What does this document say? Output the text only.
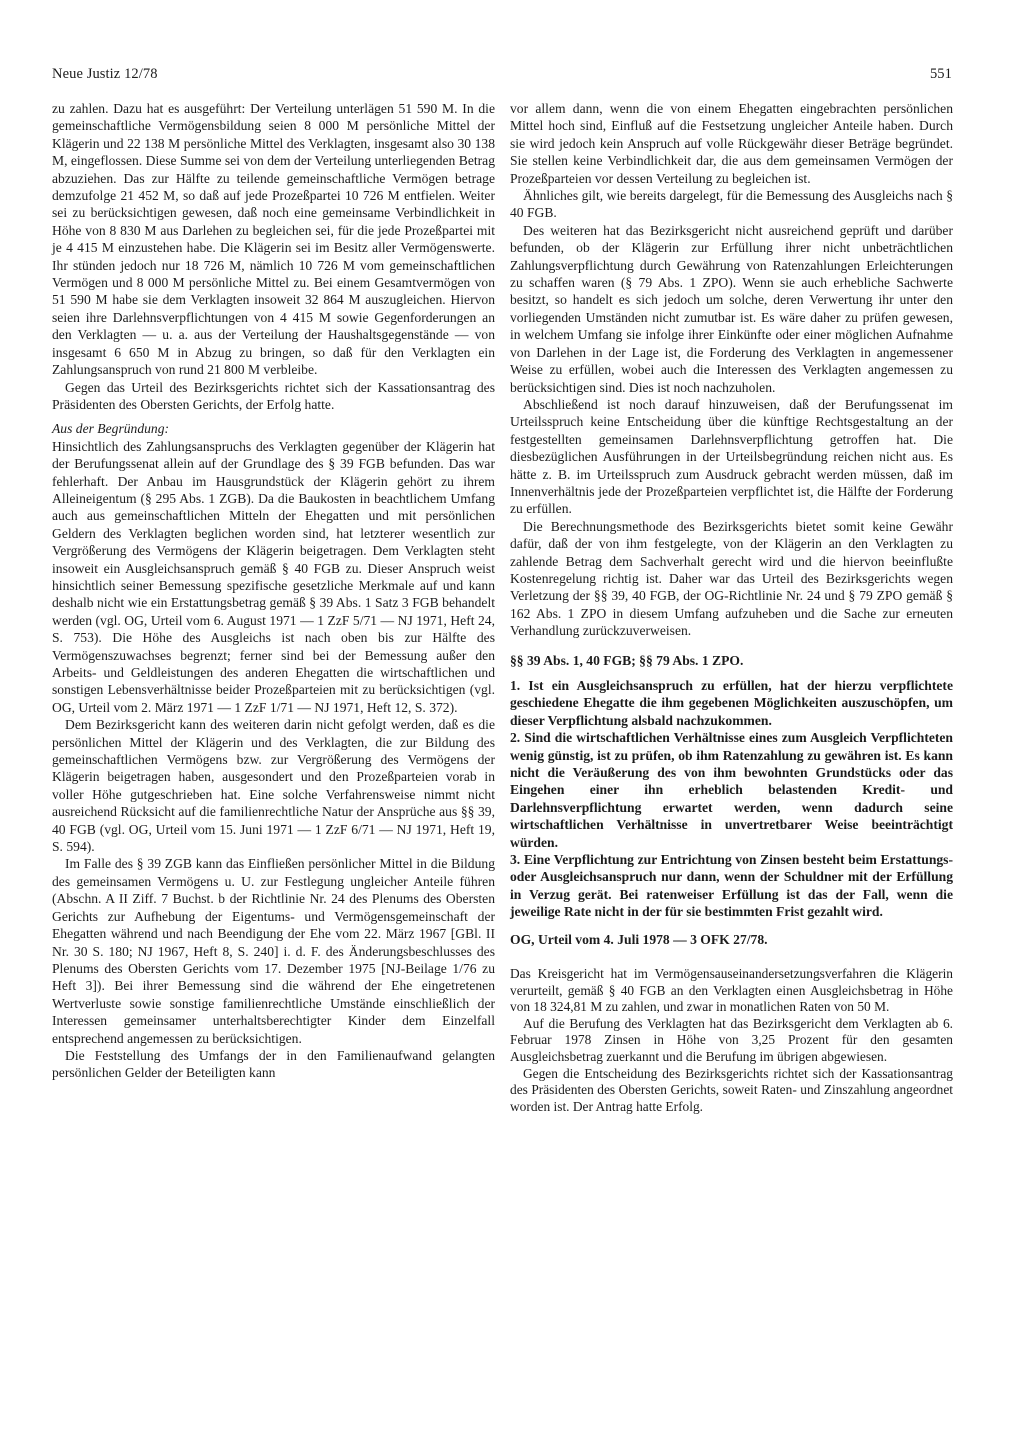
Neue Justiz 12/78	551

zu zahlen. Dazu hat es ausgeführt: Der Verteilung unterlägen 51 590 M. In die gemeinschaftliche Vermögensbildung seien 8 000 M persönliche Mittel der Klägerin und 22 138 M persönliche Mittel des Verklagten, insgesamt also 30 138 M, eingeflossen. Diese Summe sei von dem der Verteilung unterliegenden Betrag abzuziehen. Das zur Hälfte zu teilende gemeinschaftliche Vermögen betrage demzufolge 21 452 M, so daß auf jede Prozeßpartei 10 726 M entfielen. Weiter sei zu berücksichtigen gewesen, daß noch eine gemeinsame Verbindlichkeit in Höhe von 8 830 M aus Darlehen zu begleichen sei, für die jede Prozeßpartei mit je 4 415 M einzustehen habe. Die Klägerin sei im Besitz aller Vermögenswerte. Ihr stünden jedoch nur 18 726 M, nämlich 10 726 M vom gemeinschaftlichen Vermögen und 8 000 M persönliche Mittel zu. Bei einem Gesamtvermögen von 51 590 M habe sie dem Verklagten insoweit 32 864 M auszugleichen. Hiervon seien ihre Darlehnsverpflichtungen von 4 415 M sowie Gegenforderungen an den Verklagten — u. a. aus der Verteilung der Haushaltsgegenstände — von insgesamt 6 650 M in Abzug zu bringen, so daß für den Verklagten ein Zahlungsanspruch von rund 21 800 M verbleibe.

Gegen das Urteil des Bezirksgerichts richtet sich der Kassationsantrag des Präsidenten des Obersten Gerichts, der Erfolg hatte.

Aus der Begründung:

Hinsichtlich des Zahlungsanspruchs des Verklagten gegenüber der Klägerin hat der Berufungssenat allein auf der Grundlage des § 39 FGB befunden. Das war fehlerhaft. Der Anbau im Hausgrundstück der Klägerin gehört zu ihrem Alleineigentum (§ 295 Abs. 1 ZGB). Da die Baukosten in beachtlichem Umfang auch aus gemeinschaftlichen Mitteln der Ehegatten und mit persönlichen Geldern des Verklagten beglichen worden sind, hat letzterer wesentlich zur Vergrößerung des Vermögens der Klägerin beigetragen. Dem Verklagten steht insoweit ein Ausgleichsanspruch gemäß § 40 FGB zu. Dieser Anspruch weist hinsichtlich seiner Bemessung spezifische gesetzliche Merkmale auf und kann deshalb nicht wie ein Erstattungsbetrag gemäß § 39 Abs. 1 Satz 3 FGB behandelt werden (vgl. OG, Urteil vom 6. August 1971 — 1 ZzF 5/71 — NJ 1971, Heft 24, S. 753). Die Höhe des Ausgleichs ist nach oben bis zur Hälfte des Vermögenszuwachses begrenzt; ferner sind bei der Bemessung außer den Arbeits- und Geldleistungen des anderen Ehegatten die wirtschaftlichen und sonstigen Lebensverhältnisse beider Prozeßparteien mit zu berücksichtigen (vgl. OG, Urteil vom 2. März 1971 — 1 ZzF 1/71 — NJ 1971, Heft 12, S. 372).

Dem Bezirksgericht kann des weiteren darin nicht gefolgt werden, daß es die persönlichen Mittel der Klägerin und des Verklagten, die zur Bildung des gemeinschaftlichen Vermögens bzw. zur Vergrößerung des Vermögens der Klägerin beigetragen haben, ausgesondert und den Prozeßparteien vorab in voller Höhe gutgeschrieben hat. Eine solche Verfahrensweise nimmt nicht ausreichend Rücksicht auf die familienrechtliche Natur der Ansprüche aus §§ 39, 40 FGB (vgl. OG, Urteil vom 15. Juni 1971 — 1 ZzF 6/71 — NJ 1971, Heft 19, S. 594).

Im Falle des § 39 ZGB kann das Einfließen persönlicher Mittel in die Bildung des gemeinsamen Vermögens u. U. zur Festlegung ungleicher Anteile führen (Abschn. A II Ziff. 7 Buchst. b der Richtlinie Nr. 24 des Plenums des Obersten Gerichts zur Aufhebung der Eigentums- und Vermögensgemeinschaft der Ehegatten während und nach Beendigung der Ehe vom 22. März 1967 [GBl. II Nr. 30 S. 180; NJ 1967, Heft 8, S. 240] i. d. F. des Änderungsbeschlusses des Plenums des Obersten Gerichts vom 17. Dezember 1975 [NJ-Beilage 1/76 zu Heft 3]). Bei ihrer Bemessung sind die während der Ehe eingetretenen Wertverluste sowie sonstige familienrechtliche Umstände einschließlich der Interessen gemeinsamer unterhaltsberechtigter Kinder dem Einzelfall entsprechend angemessen zu berücksichtigen.

Die Feststellung des Umfangs der in den Familienaufwand gelangten persönlichen Gelder der Beteiligten kann

vor allem dann, wenn die von einem Ehegatten eingebrachten persönlichen Mittel hoch sind, Einfluß auf die Festsetzung ungleicher Anteile haben. Durch sie wird jedoch kein Anspruch auf volle Rückgewähr dieser Beträge begründet. Sie stellen keine Verbindlichkeit dar, die aus dem gemeinsamen Vermögen der Prozeßparteien vor dessen Verteilung zu begleichen ist.

Ähnliches gilt, wie bereits dargelegt, für die Bemessung des Ausgleichs nach § 40 FGB.

Des weiteren hat das Bezirksgericht nicht ausreichend geprüft und darüber befunden, ob der Klägerin zur Erfüllung ihrer nicht unbeträchtlichen Zahlungsverpflichtung durch Gewährung von Ratenzahlungen Erleichterungen zu schaffen waren (§ 79 Abs. 1 ZPO). Wenn sie auch erhebliche Sachwerte besitzt, so handelt es sich jedoch um solche, deren Verwertung ihr unter den vorliegenden Umständen nicht zumutbar ist. Es wäre daher zu prüfen gewesen, in welchem Umfang sie infolge ihrer Einkünfte oder einer möglichen Aufnahme von Darlehen in der Lage ist, die Forderung des Verklagten in angemessener Weise zu erfüllen, wobei auch die Interessen des Verklagten angemessen zu berücksichtigen sind. Dies ist noch nachzuholen.

Abschließend ist noch darauf hinzuweisen, daß der Berufungssenat im Urteilsspruch keine Entscheidung über die künftige Rechtsgestaltung an der festgestellten gemeinsamen Darlehnsverpflichtung getroffen hat. Die diesbezüglichen Ausführungen in der Urteilsbegründung reichen nicht aus. Es hätte z. B. im Urteilsspruch zum Ausdruck gebracht werden müssen, daß im Innenverhältnis jede der Prozeßparteien verpflichtet ist, die Hälfte der Forderung zu erfüllen.

Die Berechnungsmethode des Bezirksgerichts bietet somit keine Gewähr dafür, daß der von ihm festgelegte, von der Klägerin an den Verklagten zu zahlende Betrag dem Sachverhalt gerecht wird und die hiervon beeinflußte Kostenregelung richtig ist. Daher war das Urteil des Bezirksgerichts wegen Verletzung der §§ 39, 40 FGB, der OG-Richtlinie Nr. 24 und § 79 ZPO gemäß § 162 Abs. 1 ZPO in diesem Umfang aufzuheben und die Sache zur erneuten Verhandlung zurückzuverweisen.

§§ 39 Abs. 1, 40 FGB; §§ 79 Abs. 1 ZPO.

1. Ist ein Ausgleichsanspruch zu erfüllen, hat der hierzu verpflichtete geschiedene Ehegatte die ihm gegebenen Möglichkeiten auszuschöpfen, um dieser Verpflichtung alsbald nachzukommen.

2. Sind die wirtschaftlichen Verhältnisse eines zum Ausgleich Verpflichteten wenig günstig, ist zu prüfen, ob ihm Ratenzahlung zu gewähren ist. Es kann nicht die Veräußerung des von ihm bewohnten Grundstücks oder das Eingehen einer ihn erheblich belastenden Kredit- und Darlehnsverpflichtung erwartet werden, wenn dadurch seine wirtschaftlichen Verhältnisse in unvertretbarer Weise beeinträchtigt würden.

3. Eine Verpflichtung zur Entrichtung von Zinsen besteht beim Erstattungs- oder Ausgleichsanspruch nur dann, wenn der Schuldner mit der Erfüllung in Verzug gerät. Bei ratenweiser Erfüllung ist das der Fall, wenn die jeweilige Rate nicht in der für sie bestimmten Frist gezahlt wird.

OG, Urteil vom 4. Juli 1978 — 3 OFK 27/78.

Das Kreisgericht hat im Vermögensauseinandersetzungsverfahren die Klägerin verurteilt, gemäß § 40 FGB an den Verklagten einen Ausgleichsbetrag in Höhe von 18 324,81 M zu zahlen, und zwar in monatlichen Raten von 50 M.

Auf die Berufung des Verklagten hat das Bezirksgericht dem Verklagten ab 6. Februar 1978 Zinsen in Höhe von 3,25 Prozent für den gesamten Ausgleichsbetrag zuerkannt und die Berufung im übrigen abgewiesen.

Gegen die Entscheidung des Bezirksgerichts richtet sich der Kassationsantrag des Präsidenten des Obersten Gerichts, soweit Raten- und Zinszahlung angeordnet worden ist. Der Antrag hatte Erfolg.
